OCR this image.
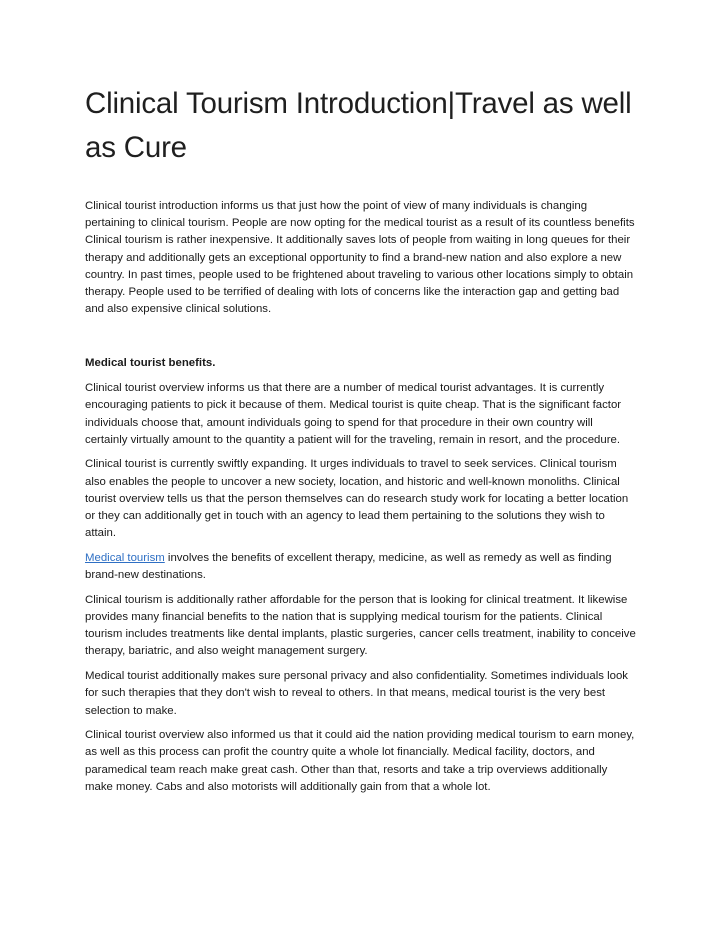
Clinical Tourism Introduction|Travel as well as Cure

Clinical tourist introduction informs us that just how the point of view of many individuals is changing pertaining to clinical tourism. People are now opting for the medical tourist as a result of its countless benefits Clinical tourism is rather inexpensive. It additionally saves lots of people from waiting in long queues for their therapy and additionally gets an exceptional opportunity to find a brand-new nation and also explore a new country. In past times, people used to be frightened about traveling to various other locations simply to obtain therapy. People used to be terrified of dealing with lots of concerns like the interaction gap and getting bad and also expensive clinical solutions.

Medical tourist benefits.

Clinical tourist overview informs us that there are a number of medical tourist advantages. It is currently encouraging patients to pick it because of them. Medical tourist is quite cheap. That is the significant factor individuals choose that, amount individuals going to spend for that procedure in their own country will certainly virtually amount to the quantity a patient will for the traveling, remain in resort, and the procedure.

Clinical tourist is currently swiftly expanding. It urges individuals to travel to seek services. Clinical tourism also enables the people to uncover a new society, location, and historic and well-known monoliths. Clinical tourist overview tells us that the person themselves can do research study work for locating a better location or they can additionally get in touch with an agency to lead them pertaining to the solutions they wish to attain.

Medical tourism involves the benefits of excellent therapy, medicine, as well as remedy as well as finding brand-new destinations.

Clinical tourism is additionally rather affordable for the person that is looking for clinical treatment. It likewise provides many financial benefits to the nation that is supplying medical tourism for the patients. Clinical tourism includes treatments like dental implants, plastic surgeries, cancer cells treatment, inability to conceive therapy, bariatric, and also weight management surgery.

Medical tourist additionally makes sure personal privacy and also confidentiality. Sometimes individuals look for such therapies that they don't wish to reveal to others. In that means, medical tourist is the very best selection to make.

Clinical tourist overview also informed us that it could aid the nation providing medical tourism to earn money, as well as this process can profit the country quite a whole lot financially. Medical facility, doctors, and paramedical team reach make great cash. Other than that, resorts and take a trip overviews additionally make money. Cabs and also motorists will additionally gain from that a whole lot.
